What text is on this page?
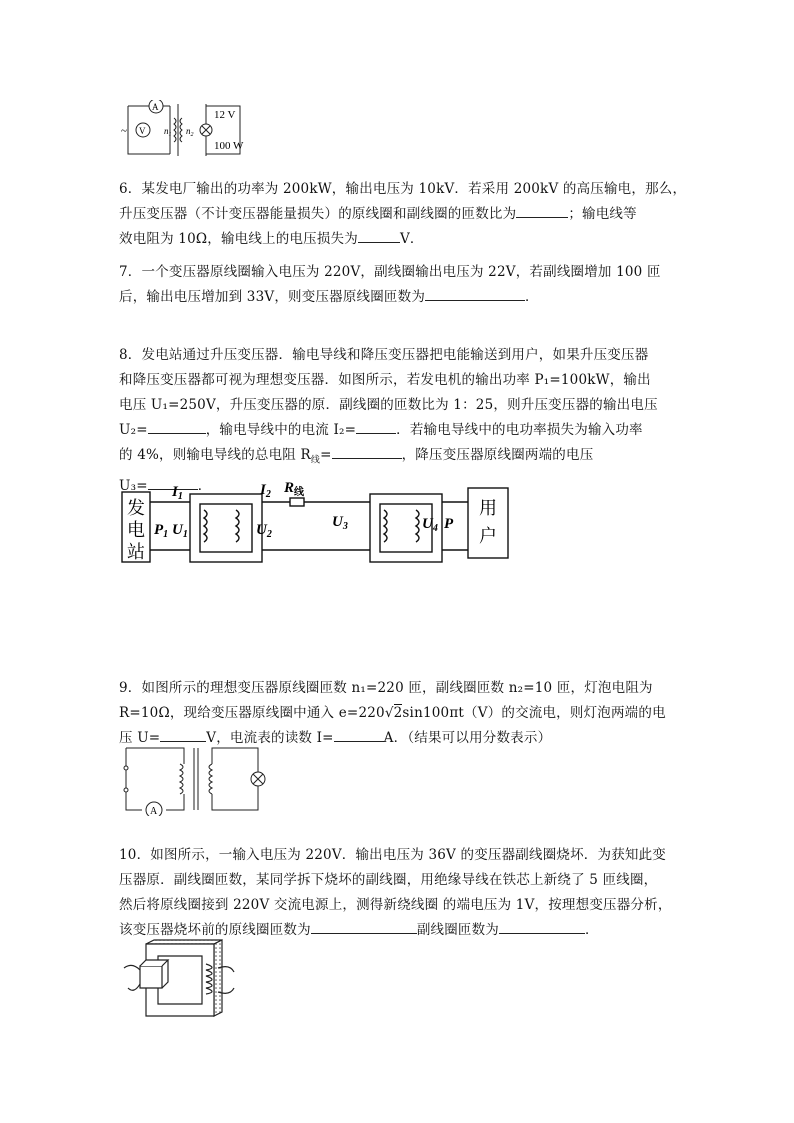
A
V
~	$n_1$ $n_2$
12 V
100 W
6．某发电厂输出的功率为 200kW，输出电压为 10kV．若采用 200kV 的高压输电，那么，
升压变压器（不计变压器能量损失）的原线圈和副线圈的匝数比为	；输电线等
效电阻为 10Ω，输电线上的电压损失为	V．
7．一个变压器原线圈输入电压为 220V，副线圈输出电压为 22V，若副线圈增加 100 匝
后，输出电压增加到 33V，则变压器原线圈匝数为	．
8．发电站通过升压变压器．输电导线和降压变压器把电能输送到用户，如果升压变压器
和降压变压器都可视为理想变压器．如图所示，若发电机的输出功率 P₁=100kW，输出
电压 U₁=250V，升压变压器的原．副线圈的匝数比为 1：25，则升压变压器的输出电压
U₂=	，输电导线中的电流 I₂=	．若输电导线中的电功率损失为输入功率
的 4%，则输电导线的总电阻 $R_线=$	，降压变压器原线圈两端的电压
U₃=	．
发
电
站
用
户
$I_1$
$P_1$ $U_1$
$I_2$ $R_线$
$U_2$
$U_3$	$U_4$ P
9．如图所示的理想变压器原线圈匝数 n₁=220 匝，副线圈匝数 n₂=10 匝，灯泡电阻为
R=10Ω，现给变压器原线圈中通入 e=220√2sin100πt（V）的交流电，则灯泡两端的电
压 U=	V，电流表的读数 I=	A．（结果可以用分数表示）
A
10．如图所示，一输入电压为 220V．输出电压为 36V 的变压器副线圈烧坏．为获知此变
压器原．副线圈匝数，某同学拆下烧坏的副线圈，用绝缘导线在铁芯上新绕了 5 匝线圈，
然后将原线圈接到 220V 交流电源上，测得新绕线圈 的端电压为 1V，按理想变压器分析，
该变压器烧坏前的原线圈匝数为	副线圈匝数为	．
